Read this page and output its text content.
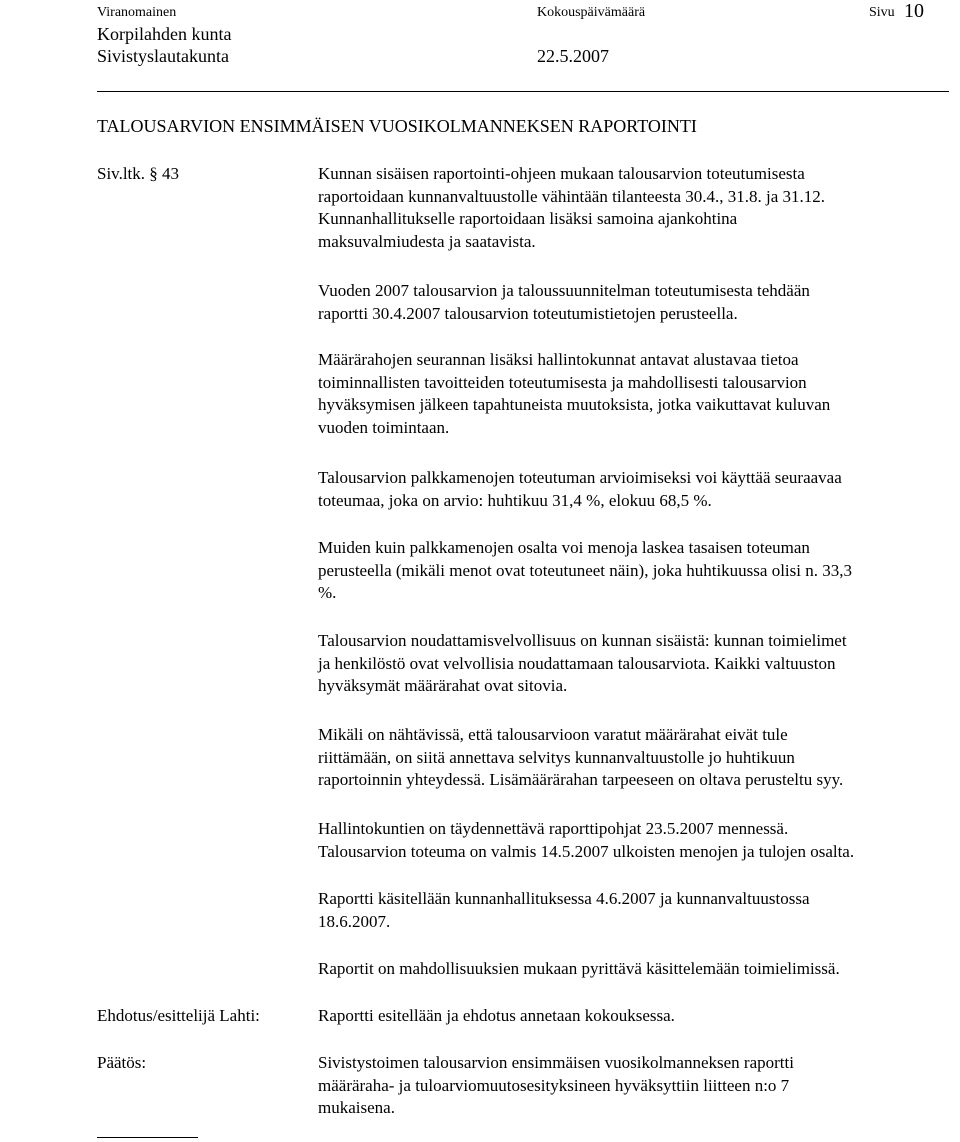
Viranomainen
Korpilahden kunta
Sivistyslautakunta
Kokouspäivämäärä
22.5.2007
Sivu 10
TALOUSARVION ENSIMMÄISEN VUOSIKOLMANNEKSEN RAPORTOINTI
Siv.ltk. § 43	Kunnan sisäisen raportointi-ohjeen mukaan talousarvion toteutumisesta

raportoidaan kunnanvaltuustolle vähintään tilanteesta 30.4., 31.8. ja 31.12.

Kunnanhallitukselle raportoidaan lisäksi samoina ajankohtina

maksuvalmiudesta ja saatavista.

Vuoden 2007 talousarvion ja taloussuunnitelman toteutumisesta tehdään

raportti 30.4.2007 talousarvion toteutumistietojen perusteella.

Määrärahojen seurannan lisäksi hallintokunnat antavat alustavaa tietoa

toiminnallisten tavoitteiden toteutumisesta ja mahdollisesti talousarvion

hyväksymisen jälkeen tapahtuneista muutoksista, jotka vaikuttavat kuluvan

vuoden toimintaan.

Talousarvion palkkamenojen toteutuman arvioimiseksi voi käyttää seuraavaa

toteumaa, joka on arvio: huhtikuu 31,4 %, elokuu 68,5 %.

Muiden kuin palkkamenojen osalta voi menoja laskea tasaisen toteuman

perusteella (mikäli menot ovat toteutuneet näin), joka huhtikuussa olisi n. 33,3

%.

Talousarvion noudattamisvelvollisuus on kunnan sisäistä: kunnan toimielimet

ja henkilöstö ovat velvollisia noudattamaan talousarviota. Kaikki valtuuston

hyväksymät määrärahat ovat sitovia.

Mikäli on nähtävissä, että talousarvioon varatut määrärahat eivät tule

riittämään, on siitä annettava selvitys kunnanvaltuustolle jo huhtikuun

raportoinnin yhteydessä. Lisämäärärahan tarpeeseen on oltava perusteltu syy.

Hallintokuntien on täydennettävä raporttipohjat 23.5.2007 mennessä.

Talousarvion toteuma on valmis 14.5.2007 ulkoisten menojen ja tulojen osalta.

Raportti käsitellään kunnanhallituksessa 4.6.2007 ja kunnanvaltuustossa

18.6.2007.

Raportit on mahdollisuuksien mukaan pyrittävä käsittelemään toimielimissä.

Ehdotus/esittelijä Lahti:	Raportti esitellään ja ehdotus annetaan kokouksessa.

Päätös:	Sivistystoimen talousarvion ensimmäisen vuosikolmanneksen raportti

määräraha- ja tuloarviomuutosesityksineen hyväksyttiin liitteen n:o 7

mukaisena.
